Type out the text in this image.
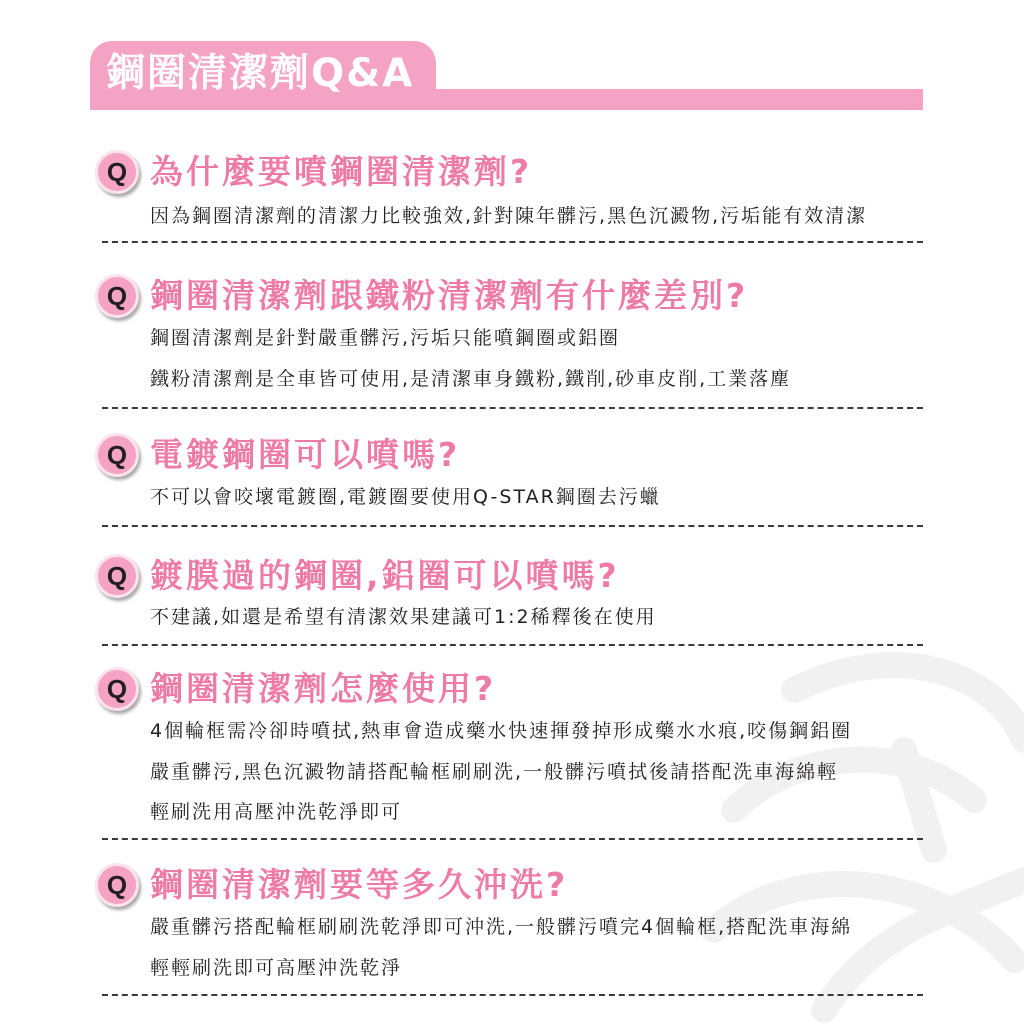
鋼圈清潔劑Q&A
Q 為什麼要噴鋼圈清潔劑?
因為鋼圈清潔劑的清潔力比較強效,針對陳年髒污,黑色沉澱物,污垢能有效清潔
Q 鋼圈清潔劑跟鐵粉清潔劑有什麼差別?
鋼圈清潔劑是針對嚴重髒污,污垢只能噴鋼圈或鋁圈
鐵粉清潔劑是全車皆可使用,是清潔車身鐵粉,鐵削,砂車皮削,工業落塵
Q 電鍍鋼圈可以噴嗎?
不可以會咬壞電鍍圈,電鍍圈要使用Q-STAR鋼圈去污蠟
Q 鍍膜過的鋼圈,鋁圈可以噴嗎?
不建議,如還是希望有清潔效果建議可1:2稀釋後在使用
Q 鋼圈清潔劑怎麼使用?
4個輪框需冷卻時噴拭,熱車會造成藥水快速揮發掉形成藥水水痕,咬傷鋼鋁圈
嚴重髒污,黑色沉澱物請搭配輪框刷刷洗,一般髒污噴拭後請搭配洗車海綿輕
輕刷洗用高壓沖洗乾淨即可
Q 鋼圈清潔劑要等多久沖洗?
嚴重髒污搭配輪框刷刷洗乾淨即可沖洗,一般髒污噴完4個輪框,搭配洗車海綿
輕輕刷洗即可高壓沖洗乾淨
